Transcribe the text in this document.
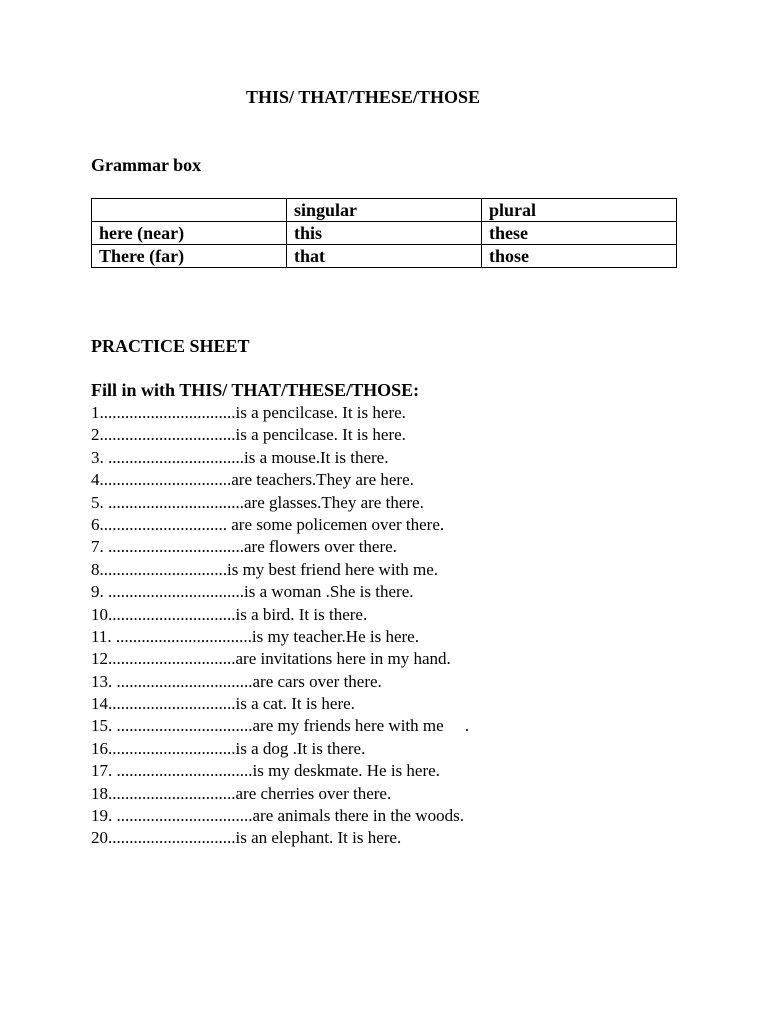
THIS/ THAT/THESE/THOSE
Grammar box
	singular	plural
here (near)	this	these
There (far)	that	those
PRACTICE SHEET
Fill in with THIS/ THAT/THESE/THOSE:
1................................is a pencilcase. It is here.
2................................is a pencilcase. It is here.
3. ................................is a mouse.It is there.
4...............................are teachers.They are here.
5. ................................are glasses.They are there.
6.............................. are some policemen over there.
7. ................................are flowers over there.
8..............................is my best friend here with me.
9. ................................is a woman .She is there.
10..............................is a bird. It is there.
11. ................................is my teacher.He is here.
12..............................are invitations here in my hand.
13. ................................are cars over there.
14..............................is a cat. It is here.
15. ................................are my friends here with me     .
16..............................is a dog .It is there.
17. ................................is my deskmate. He is here.
18..............................are cherries over there.
19. ................................are animals there in the woods.
20..............................is an elephant. It is here.
